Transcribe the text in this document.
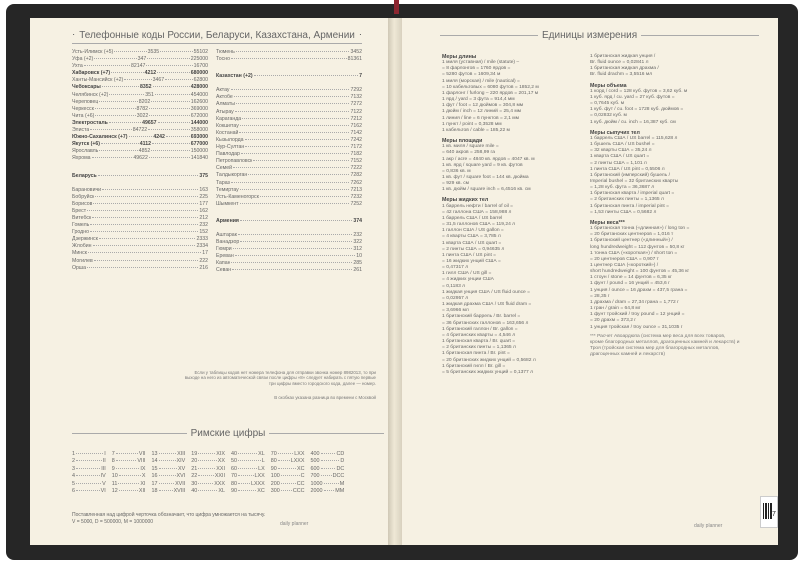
⋅ Телефонные коды России, Беларуси, Казахстана, Армении ⋅
Усть-Илимск (+5)	3535	55102
Уфа (+2)	347	225000
Ухта	82147	16700
Хабаровск (+7)	4212	680000
Ханты-Мансийск (+2)	3467	62800
Чебоксары	8352	428000
Челябинск (+2)	351	454000
Череповец	8202	162600
Черкесск	8782	369000
Чита (+6)	3022	672000
Электросталь	49657	144000
Элиста	84722	358000
Южно-Сахалинск (+7)	4242	693000
Якутск (+6)	4112	677000
Ярославль	4852	150000
Яхрома	49622	141840
Беларусь	375
Барановичи	163
Бобруйск	225
Борисов	177
Брест	162
Витебск	212
Гомель	232
Гродно	152
Дзержинск	2333
Жлобин	2334
Минск	17
Могилев	222
Орша	216
Тюмень	3452
Тосно	81361
Казахстан (+2)	7
Актау	7292
Актобе	7132
Алматы	7272
Атырау	7122
Караганда	7212
Кокшетау	7162
Костанай	7142
Кызылорда	7242
Нур-Султан	7172
Павлодар	7182
Петропавловск	7152
Семей	7222
Талдыкорган	7282
Тараз	7262
Темиртау	7213
Усть-Каменогорск	7232
Шымкент	7252
Армения	374
Аштарак	232
Ванадзор	322
Гюмри	312
Ереван	10
Капан	285
Севан	261
Если у таблицы кодов нет номера телефона для отправки звонка номер 8982013, то при выходе на него из автоматической связи после цифры «8» следует набирать с пятую первые три цифры вместо городского кода, далее — номер.
В скобках указана разница во времени с Москвой
Римские цифры
1	I 7	VII 13	XIII 19	XIX 40	XL 70	LXX 400	CD
2	II 8	VIII 14	XIV 20	XX 50	L 80	LXXX 500	D
3	III 9	IX 15	XV 21	XXI 60	LX 90	XC 600	DC
4	IV 10	X 16	XVI 22	XXII 70	LXX 100	C 700 DCC
5	V 11	XI 17	XVII 30	XXX 80	LXXX 200	CC 1000	M
6	VI 12	XII 18	XVIII 40	XL 90	XC 300 CCC 2000 MM
Поставленная над цифрой черточка обозначает, что цифра умножается на тысячу.
V = 5000, D = 500000, M = 1000000	daily planner
Единицы измерения
Меры длины
1 миля (уставная) / mile (statute) –
= 8 фарлонгов = 1760 ярдов =
= 5280 футов = 1609,34 м
1 миля (морская) / mile (nautical) =
= 10 кабельтовых = 6080 футов = 1852,2 м
1 фарлонг / furlong – 220 ярдов = 201,17 м
1 ярд / yard = 3 фута = 914,4 мм
1 фут / foot = 12 дюймов = 304,8 мм
1 дюйм / inch = 12 линий = 25,4 мм
1 линия / line = 6 пунктов = 2,1 мм
1 пункт / point = 0,3528 мм
1 кабельтов / cable = 185,22 м
Меры площади
1 кв. миля / square mile =
= 640 акров = 258,99 га
1 акр / acre = 4840 кв. ярдов = 4047 кв. м
1 кв. ярд / square yard = 9 кв. футов
= 0,836 кв. м
1 кв. фут / square foot = 144 кв. дюйма
= 929 кв. см
1 кв. дюйм / square inch = 6,4516 кв. см
Меры жидких тел
1 баррель нефти / barrel of oil =
= 42 галлона США = 158,988 л
1 баррель США / US barrel
= 31,5 галлонов США = 119,24 л
1 галлон США / US gallon =
= 4 кварты США = 3,785 л
1 кварта США / US quart =
= 2 пинты США = 0,94635 л
1 пинта США / US pint =
= 16 жидких унций США =
= 0,47317 л
1 гилл США / US gill =
= 4 жидких унции США
= 0,1183 л
1 жидкая унция США / US fluid ounce =
= 0,02957 л
1 жидкая драхма США / US fluid dram =
= 3,6966 мл
1 британский баррель / Br. barrel =
= 36 британских галлонов = 163,656 л
1 британский галлон / Br. gallon =
= 4 британских кварты = 4,546 л
1 британская кварта / Br. quart =
= 2 британских пинты = 1,1365 л
1 британская пинта / Br. pint =
= 20 британских жидких унций = 0,5682 л
1 британский гилл / Br. gill =
= 5 британских жидких унций = 0,1377 л
1 британская жидкая унция /
Br. fluid ounce = 0,02841 л
1 британская жидкая драхма /
Br. fluid drachm = 3,5516 мл
Меры объема
1 корд / cord = 128 куб. футов = 3,62 куб. м
1 куб. ярд / cu. yard = 27 куб. футов =
= 0,7645 куб. м
1 куб. фут / cu. foot = 1728 куб. дюймов =
= 0,02832 куб. м
1 куб. дюйм / cu. inch = 16,387 куб. см
Меры сыпучих тел
1 баррель США / US barrel = 115,628 л
1 бушель США / US bushel =
= 32 кварты США = 35,24 л
1 кварта США / US quart =
= 2 пинты США = 1,101 л
1 пинта США / US pint = 0,5506 л
1 британский (имперский) бушель /
Imperial bushel = 32 британских кварты
= 1,28 куб. фута = 36,3687 л
1 британская кварта / imperial quart =
= 2 британских пинты = 1,1365 л
1 британская пинта / imperial pint =
= 1,53 пинты США = 0,5682 л
Меры веса***
1 британская тонна («длинная») / long ton =
= 20 британских центнеров = 1,016 т
1 британский центнер («длинный») /
long hundredweight = 112 фунтов = 50,8 кг
1 тонна США («короткая») / short ton =
= 20 центнеров США = 0,907 т
1 центнер США («короткий») /
short hundredweight = 100 фунтов = 45,36 кг
1 стоун / stone = 14 фунтов = 6,35 кг
1 фунт / pound = 16 унций = 453,6 г
1 унция / ounce = 16 драхм = 437,5 грана =
= 28,35 г
1 драхма / dram = 27,34 грана = 1,772 г
1 гран / grain = 64,8 мг
1 фунт тройский / troy pound = 12 унций =
= 20 драхм = 373,2 г
1 унция тройская / troy ounce = 31,1035 г
*** Расчет Авоардюпа (система мер веса для всех товаров, кроме благородных металлов, драгоценных камней и лекарств) и Троя (тройская система мер для благородных металлов, драгоценных камней и лекарств)
daily planner
7
